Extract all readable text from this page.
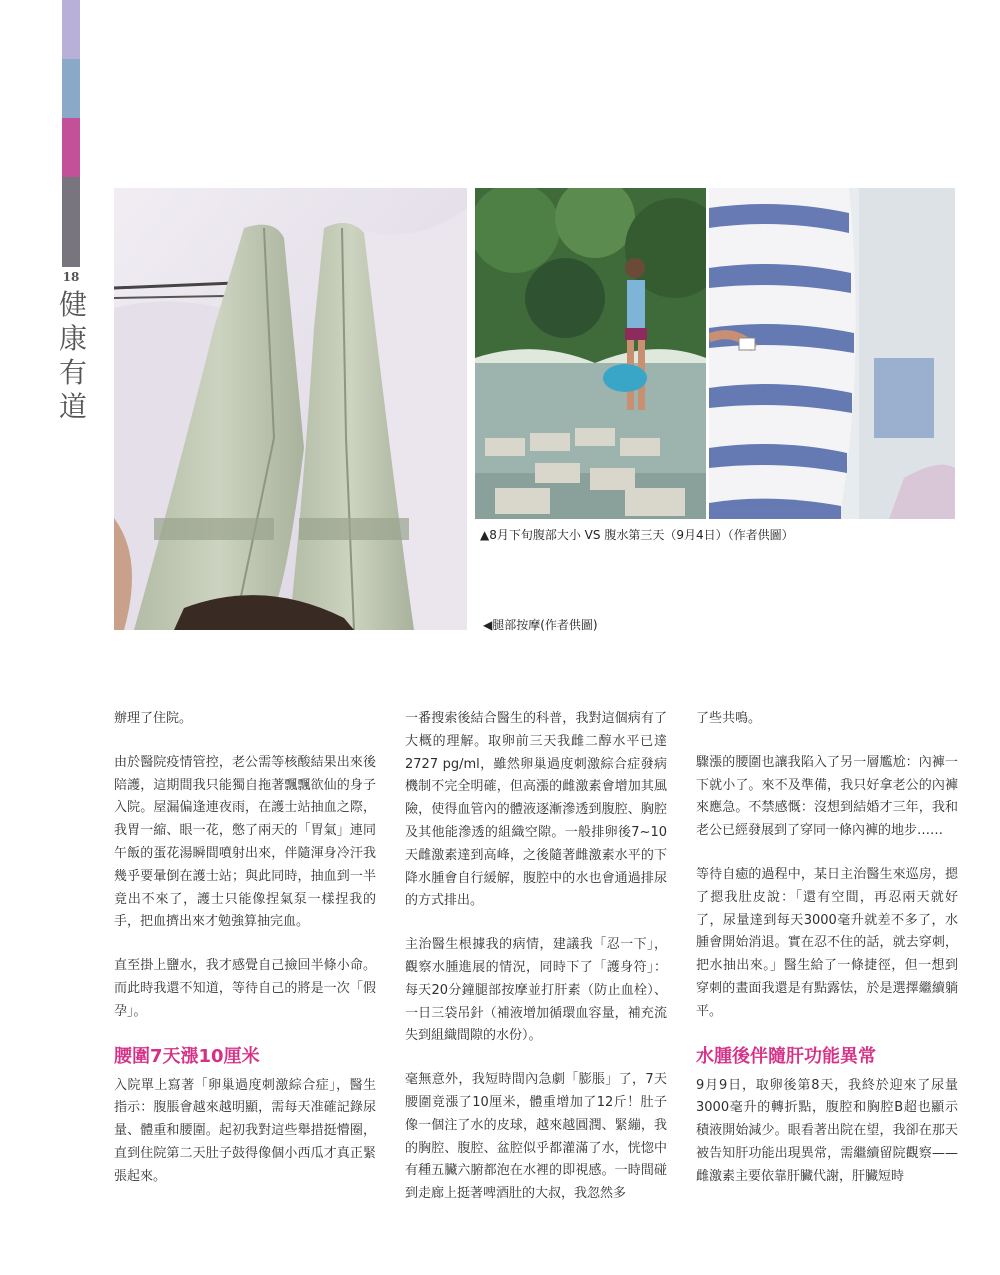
18
健康有道
▲8月下旬腹部大小 VS 腹水第三天（9月4日）（作者供圖）
◀腿部按摩(作者供圖)

辦理了住院。

由於醫院疫情管控，老公需等核酸結果出來後陪護，這期間我只能獨自拖著飄飄欲仙的身子入院。屋漏偏逢連夜雨，在護士站抽血之際，我胃一縮、眼一花，憋了兩天的「胃氣」連同午飯的蛋花湯瞬間噴射出來，伴隨渾身冷汗我幾乎要暈倒在護士站；與此同時，抽血到一半竟出不來了，護士只能像捏氣泵一樣捏我的手，把血擠出來才勉強算抽完血。

直至掛上鹽水，我才感覺自己撿回半條小命。而此時我還不知道，等待自己的將是一次「假孕」。

腰圍7天漲10厘米

入院單上寫著「卵巢過度刺激綜合症」，醫生指示：腹脹會越來越明顯，需每天准確記錄尿量、體重和腰圍。起初我對這些舉措挺懵圈，直到住院第二天肚子鼓得像個小西瓜才真正緊張起來。

一番搜索後結合醫生的科普，我對這個病有了大概的理解。取卵前三天我雌二醇水平已達2727 pg/ml，雖然卵巢過度刺激綜合症發病機制不完全明確，但高漲的雌激素會增加其風險，使得血管內的體液逐漸滲透到腹腔、胸腔及其他能滲透的組織空隙。一般排卵後7~10天雌激素達到高峰，之後隨著雌激素水平的下降水腫會自行緩解，腹腔中的水也會通過排尿的方式排出。

主治醫生根據我的病情，建議我「忍一下」，觀察水腫進展的情況，同時下了「護身符」：每天20分鐘腿部按摩並打肝素（防止血栓）、一日三袋吊針（補液增加循環血容量，補充流失到組織間隙的水份）。

毫無意外，我短時間內急劇「膨脹」了，7天腰圍竟漲了10厘米，體重增加了12斤！肚子像一個注了水的皮球，越來越圓潤、緊繃，我的胸腔、腹腔、盆腔似乎都灌滿了水，恍惚中有種五臟六腑都泡在水裡的即視感。一時間碰到走廊上挺著啤酒肚的大叔，我忽然多

了些共鳴。

驟漲的腰圍也讓我陷入了另一層尷尬：內褲一下就小了。來不及準備，我只好拿老公的內褲來應急。不禁感慨：沒想到結婚才三年，我和老公已經發展到了穿同一條內褲的地步……

等待自癒的過程中，某日主治醫生來巡房，摁了摁我肚皮說：「還有空間，再忍兩天就好了，尿量達到每天3000毫升就差不多了，水腫會開始消退。實在忍不住的話，就去穿刺，把水抽出來。」醫生給了一條捷徑，但一想到穿刺的畫面我還是有點露怯，於是選擇繼續躺平。

水腫後伴隨肝功能異常

9月9日，取卵後第8天，我終於迎來了尿量3000毫升的轉折點，腹腔和胸腔B超也顯示積液開始減少。眼看著出院在望，我卻在那天被告知肝功能出現異常，需繼續留院觀察——雌激素主要依靠肝臟代謝，肝臟短時
